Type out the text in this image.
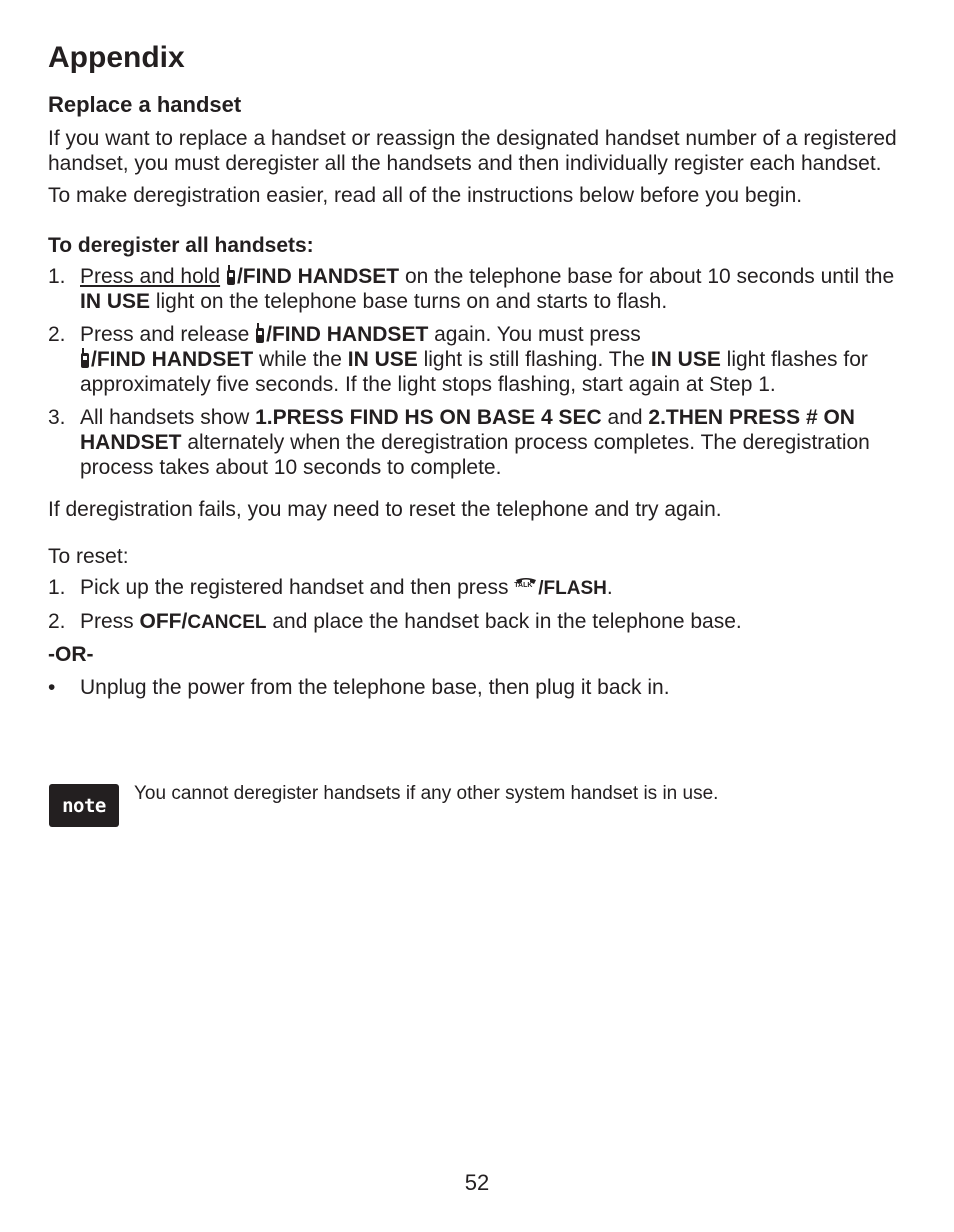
Appendix
Replace a handset

If you want to replace a handset or reassign the designated handset number of a registered handset, you must deregister all the handsets and then individually register each handset.

To make deregistration easier, read all of the instructions below before you begin.

To deregister all handsets:

1. Press and hold /FIND HANDSET on the telephone base for about 10 seconds until the IN USE light on the telephone base turns on and starts to flash.
2. Press and release
/FIND HANDSET again. You must press

/FIND HANDSET while the IN USE light is still flashing. The IN USE light flashes for approximately five seconds. If the light stops flashing, start again at Step 1.
3. All handsets show 1.PRESS FIND HS ON BASE 4 SEC and 2.THEN PRESS # ON HANDSET alternately when the deregistration process completes. The deregistration process takes about 10 seconds to complete.

If deregistration fails, you may need to reset the telephone and try again.

To reset:

1. Pick up the registered handset and then press TALK /FLASH.
2. Press OFF/CANCEL and place the handset back in the telephone base.

-OR-

• Unplug the power from the telephone base, then plug it back in.
note
You cannot deregister handsets if any other system handset is in use.
52
